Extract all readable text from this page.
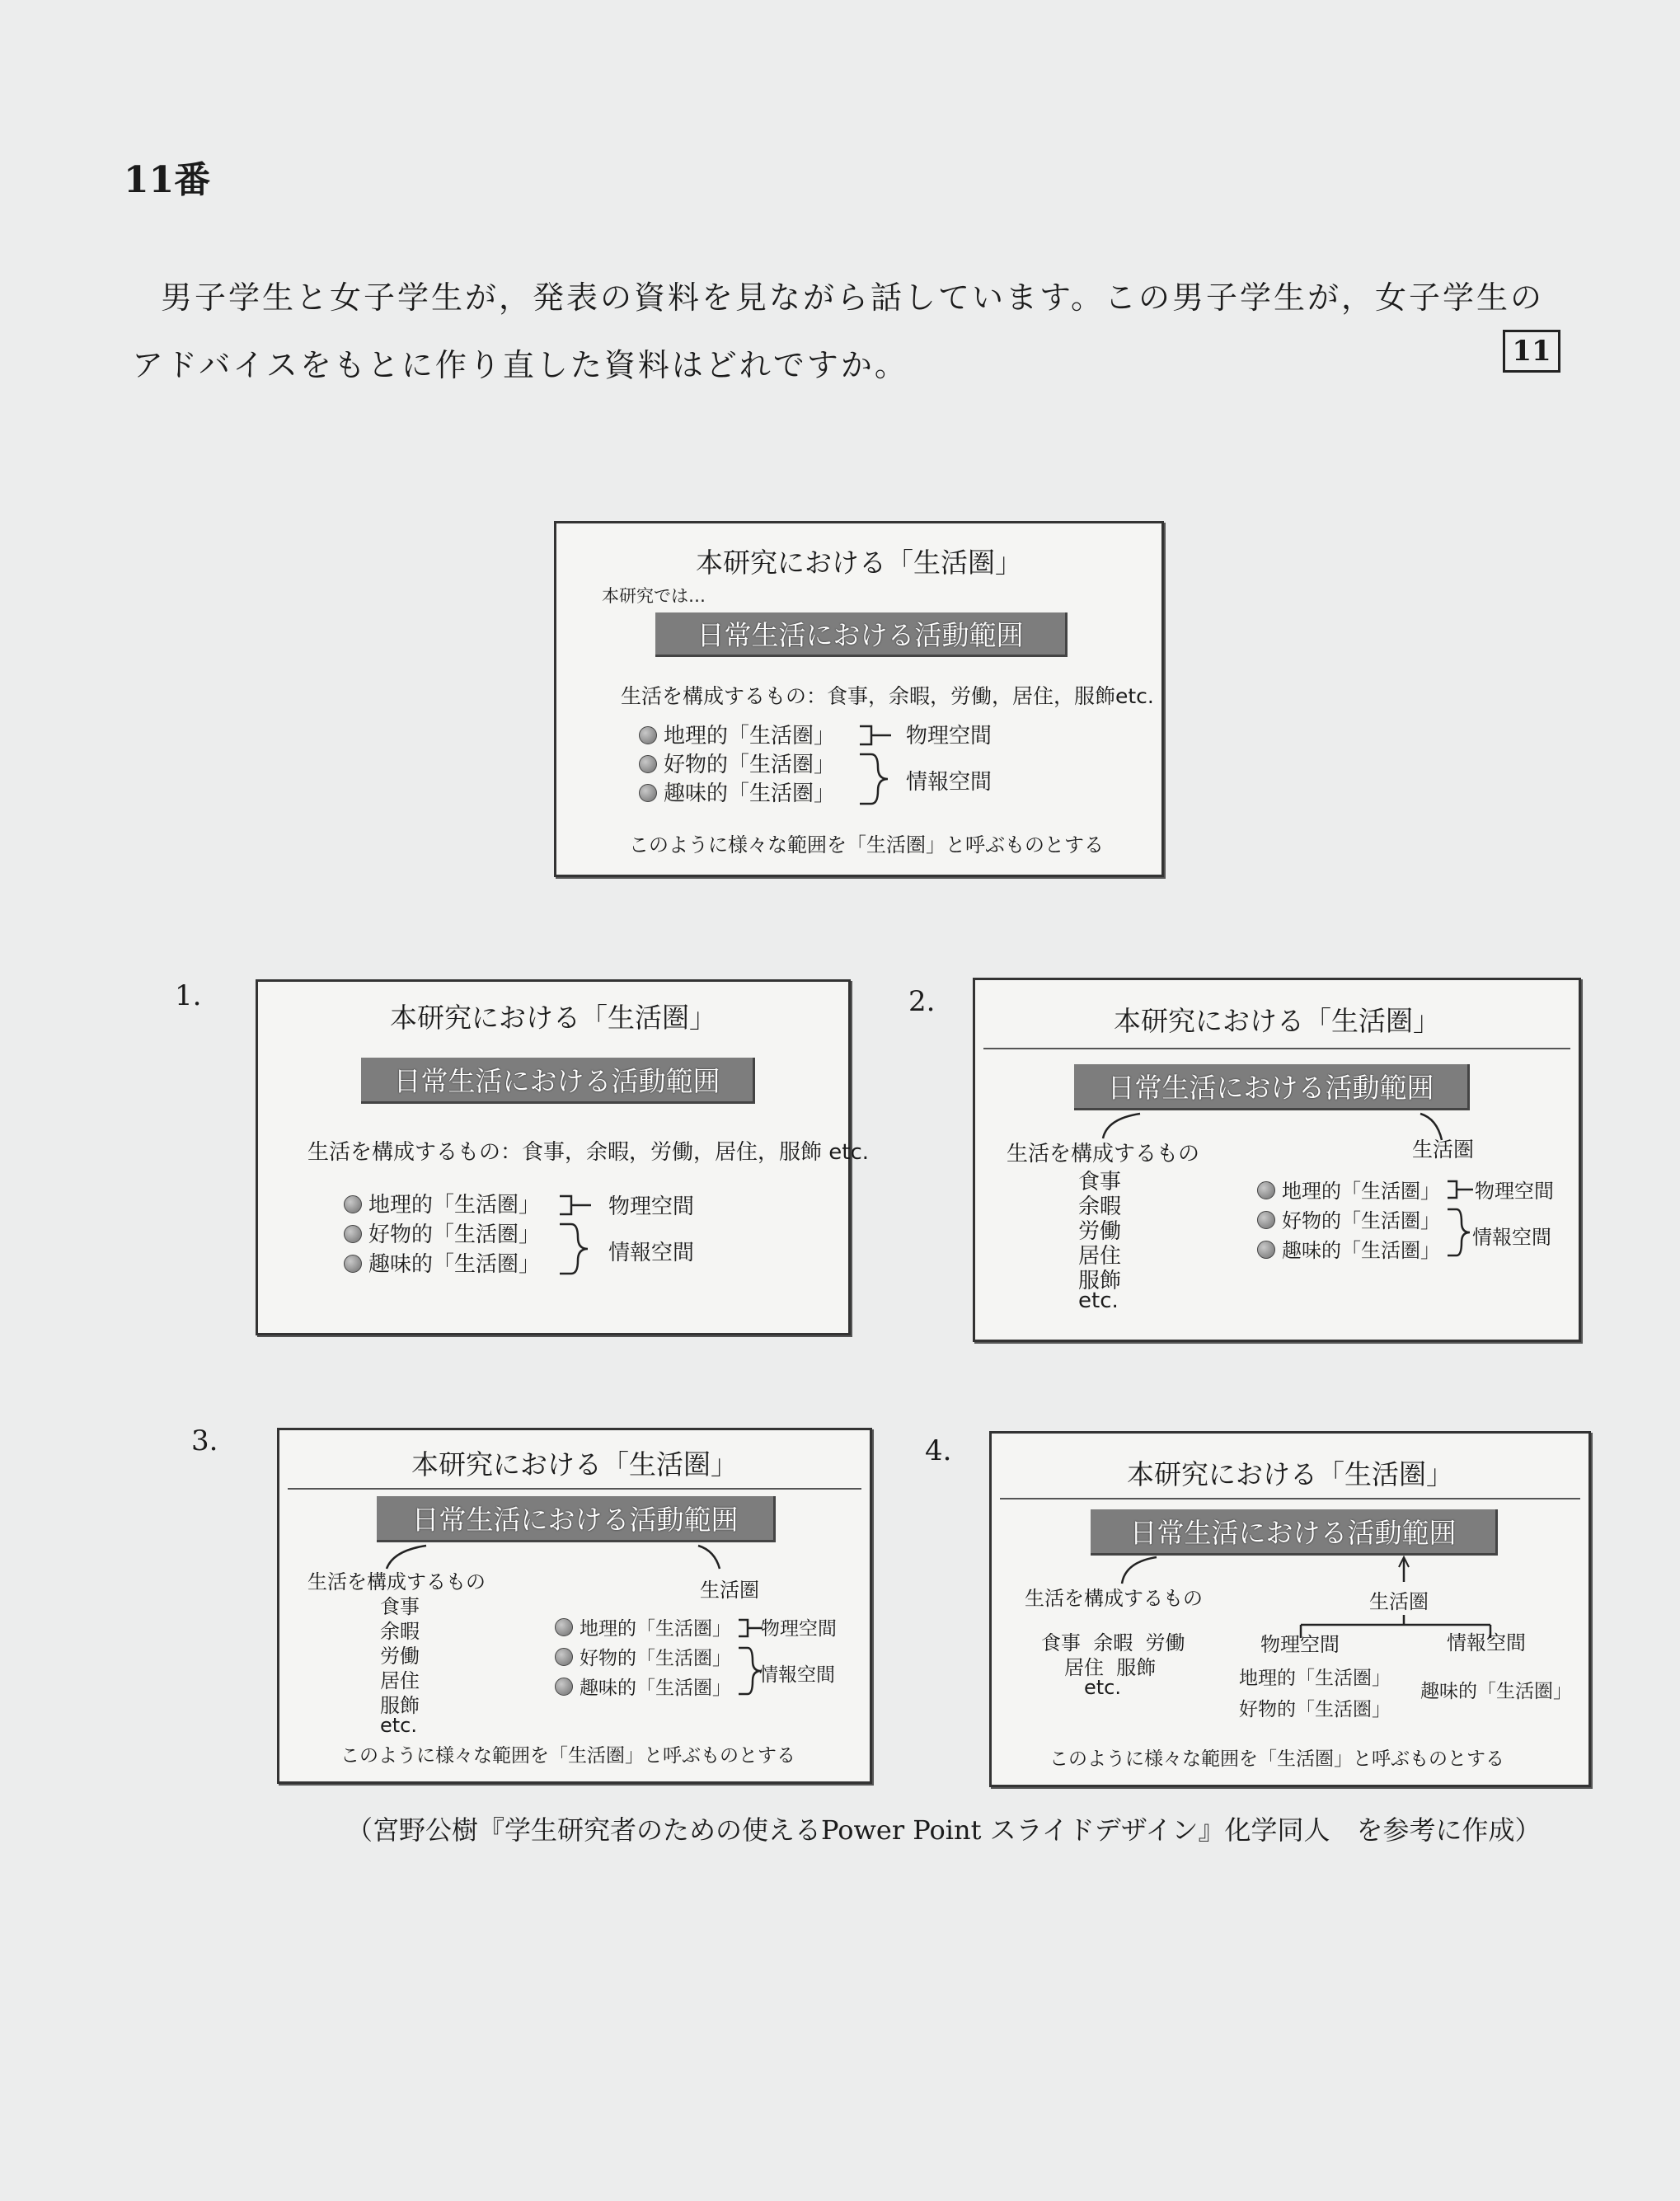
11番
男子学生と女子学生が，発表の資料を見ながら話しています。この男子学生が，女子学生の
アドバイスをもとに作り直した資料はどれですか。	11
本研究における「生活圏」
本研究では…
日常生活における活動範囲
生活を構成するもの：食事，余暇，労働，居住，服飾etc.
地理的「生活圏」
好物的「生活圏」
趣味的「生活圏」
物理空間
情報空間
このように様々な範囲を「生活圏」と呼ぶものとする
1.
本研究における「生活圏」
日常生活における活動範囲
生活を構成するもの：食事，余暇，労働，居住，服飾 etc.
地理的「生活圏」
好物的「生活圏」
趣味的「生活圏」
物理空間
情報空間
2.
本研究における「生活圏」
日常生活における活動範囲
生活を構成するもの
食事
余暇
労働
居住
服飾
etc.
生活圏
地理的「生活圏」
好物的「生活圏」
趣味的「生活圏」
物理空間
情報空間
3.
本研究における「生活圏」
日常生活における活動範囲
生活を構成するもの
食事
余暇
労働
居住
服飾
etc.
生活圏
地理的「生活圏」
好物的「生活圏」
趣味的「生活圏」
物理空間
情報空間
このように様々な範囲を「生活圏」と呼ぶものとする
4.
本研究における「生活圏」
日常生活における活動範囲
生活を構成するもの	生活圏
食事  余暇  労働
居住  服飾
etc.
物理空間	情報空間
地理的「生活圏」
好物的「生活圏」
趣味的「生活圏」
このように様々な範囲を「生活圏」と呼ぶものとする
（宮野公樹『学生研究者のための使えるPower Point スライドデザイン』化学同人　を参考に作成）
